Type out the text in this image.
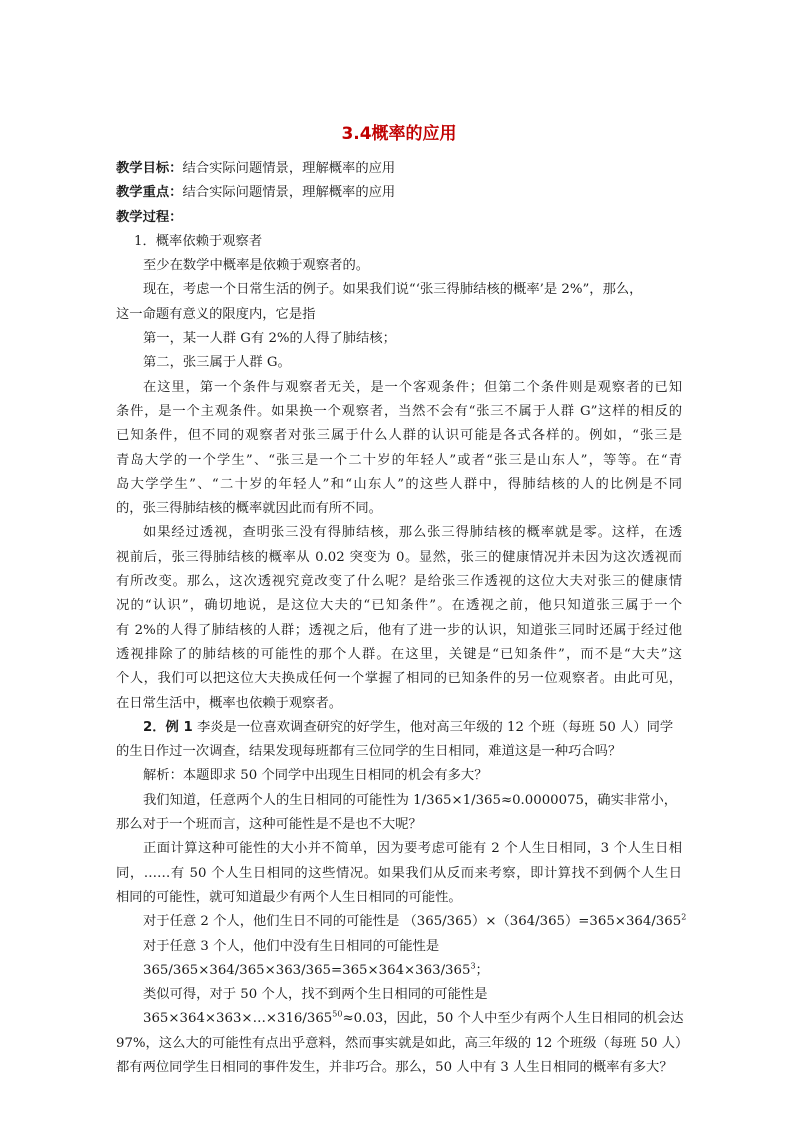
3.4概率的应用
教学目标：结合实际问题情景，理解概率的应用
教学重点：结合实际问题情景，理解概率的应用
教学过程：
1．概率依赖于观察者
至少在数学中概率是依赖于观察者的。
现在，考虑一个日常生活的例子。如果我们说“‘张三得肺结核的概率’是 2%”，那么，
这一命题有意义的限度内，它是指
第一，某一人群 G有 2%的人得了肺结核；
第二，张三属于人群 G。
在这里，第一个条件与观察者无关，是一个客观条件；但第二个条件则是观察者的已知
条件，是一个主观条件。如果换一个观察者，当然不会有“张三不属于人群 G”这样的相反的
已知条件，但不同的观察者对张三属于什么人群的认识可能是各式各样的。例如，“张三是
青岛大学的一个学生”、“张三是一个二十岁的年轻人”或者“张三是山东人”，等等。在“青
岛大学学生”、“二十岁的年轻人”和“山东人”的这些人群中，得肺结核的人的比例是不同
的，张三得肺结核的概率就因此而有所不同。
如果经过透视，查明张三没有得肺结核，那么张三得肺结核的概率就是零。这样，在透
视前后，张三得肺结核的概率从 0.02 突变为 0。显然，张三的健康情况并未因为这次透视而
有所改变。那么，这次透视究竟改变了什么呢？是给张三作透视的这位大夫对张三的健康情
况的“认识”，确切地说，是这位大夫的“已知条件”。在透视之前，他只知道张三属于一个
有 2%的人得了肺结核的人群；透视之后，他有了进一步的认识，知道张三同时还属于经过他
透视排除了的肺结核的可能性的那个人群。在这里，关键是“已知条件”，而不是“大夫”这
个人，我们可以把这位大夫换成任何一个掌握了相同的已知条件的另一位观察者。由此可见，
在日常生活中，概率也依赖于观察者。
2．例 1 李炎是一位喜欢调查研究的好学生，他对高三年级的 12 个班（每班 50 人）同学
的生日作过一次调查，结果发现每班都有三位同学的生日相同，难道这是一种巧合吗？
解析：本题即求 50 个同学中出现生日相同的机会有多大？
我们知道，任意两个人的生日相同的可能性为 1/365×1/365≈0.0000075，确实非常小，
那么对于一个班而言，这种可能性是不是也不大呢？
正面计算这种可能性的大小并不简单，因为要考虑可能有 2 个人生日相同，3 个人生日相
同，……有 50 个人生日相同的这些情况。如果我们从反而来考察，即计算找不到俩个人生日
相同的可能性，就可知道最少有两个人生日相同的可能性。
对于任意 2 个人，他们生日不同的可能性是 $(365/365)\times(364/365)=365\times 364/365^2$
对于任意 3 个人，他们中没有生日相同的可能性是
$365/365\times 364/365\times 363/365=365\times 364\times 363/365^3$；
类似可得，对于 50 个人，找不到两个生日相同的可能性是
$365\times 364\times 363\times\dots\times 316/365^{50}\approx 0.03$，因此，50 个人中至少有两个人生日相同的机会达
97%，这么大的可能性有点出乎意料，然而事实就是如此，高三年级的 12 个班级（每班 50 人）
都有两位同学生日相同的事件发生，并非巧合。那么，50 人中有 3 人生日相同的概率有多大？
